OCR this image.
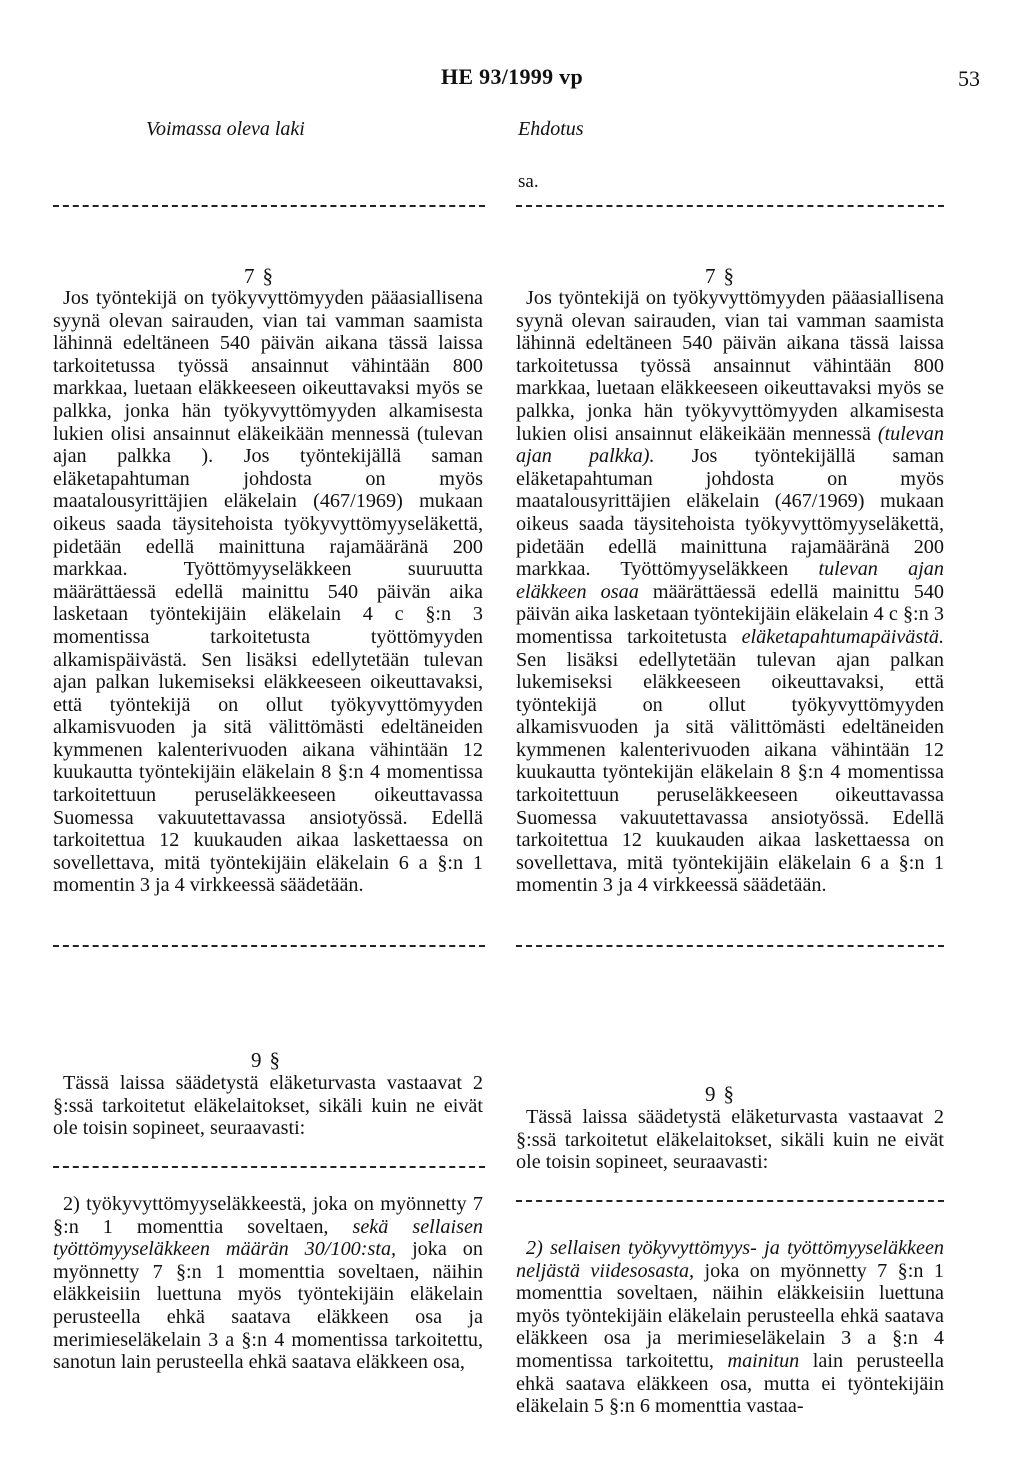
HE 93/1999 vp	53
Voimassa oleva laki	Ehdotus
sa.
7 §	7 §

Jos työntekijä on työkyvyttömyyden pääasiallisena syynä olevan sairauden, vian tai vamman saamista lähinnä edeltäneen 540 päivän aikana tässä laissa tarkoitetussa työssä ansainnut vähintään 800 markkaa, luetaan eläkkeeseen oikeuttavaksi myös se palkka, jonka hän työkyvyttömyyden alkamisesta lukien olisi ansainnut eläkeikään mennessä (tulevan ajan palkka ). Jos työntekijällä saman eläketapahtuman johdosta on myös maatalousyrittäjien eläkelain (467/1969) mukaan oikeus saada täysitehoista työkyvyttömyyseläkettä, pidetään edellä mainittuna rajamääränä 200 markkaa. Työttömyyseläkkeen suuruutta määrättäessä edellä mainittu 540 päivän aika lasketaan työntekijäin eläkelain 4 c §:n 3 momentissa tarkoitetusta työttömyyden alkamispäivästä. Sen lisäksi edellytetään tulevan ajan palkan lukemiseksi eläkkeeseen oikeuttavaksi, että työntekijä on ollut työkyvyttömyyden alkamisvuoden ja sitä välittömästi edeltäneiden kymmenen kalenterivuoden aikana vähintään 12 kuukautta työntekijäin eläkelain 8 §:n 4 momentissa tarkoitettuun peruseläkkeeseen oikeuttavassa Suomessa vakuutettavassa ansiotyössä. Edellä tarkoitettua 12 kuukauden aikaa laskettaessa on sovellettava, mitä työntekijäin eläkelain 6 a §:n 1 momentin 3 ja 4 virkkeessä säädetään.

Jos työntekijä on työkyvyttömyyden pääasiallisena syynä olevan sairauden, vian tai vamman saamista lähinnä edeltäneen 540 päivän aikana tässä laissa tarkoitetussa työssä ansainnut vähintään 800 markkaa, luetaan eläkkeeseen oikeuttavaksi myös se palkka, jonka hän työkyvyttömyyden alkamisesta lukien olisi ansainnut eläkeikään mennessä (tulevan ajan palkka). Jos työntekijällä saman eläketapahtuman johdosta on myös maatalousyrittäjien eläkelain (467/1969) mukaan oikeus saada täysitehoista työkyvyttömyyseläkettä, pidetään edellä mainittuna rajamääränä 200 markkaa. Työttömyyseläkkeen tulevan ajan eläkkeen osaa määrättäessä edellä mainittu 540 päivän aika lasketaan työntekijäin eläkelain 4 c §:n 3 momentissa tarkoitetusta eläketapahtumapäivästä. Sen lisäksi edellytetään tulevan ajan palkan lukemiseksi eläkkeeseen oikeuttavaksi, että työntekijä on ollut työkyvyttömyyden alkamisvuoden ja sitä välittömästi edeltäneiden kymmenen kalenterivuoden aikana vähintään 12 kuukautta työntekijän eläkelain 8 §:n 4 momentissa tarkoitettuun peruseläkkeeseen oikeuttavassa Suomessa vakuutettavassa ansiotyössä. Edellä tarkoitettua 12 kuukauden aikaa laskettaessa on sovellettava, mitä työntekijäin eläkelain 6 a §:n 1 momentin 3 ja 4 virkkeessä säädetään.

9 §
9 §

Tässä laissa säädetystä eläketurvasta vastaavat 2 §:ssä tarkoitetut eläkelaitokset, sikäli kuin ne eivät ole toisin sopineet, seuraavasti:

Tässä laissa säädetystä eläketurvasta vastaavat 2 §:ssä tarkoitetut eläkelaitokset, sikäli kuin ne eivät ole toisin sopineet, seuraavasti:

2) työkyvyttömyyseläkkeestä, joka on myönnetty 7 §:n 1 momenttia soveltaen, sekä sellaisen työttömyyseläkkeen määrän 30/100:sta, joka on myönnetty 7 §:n 1 momenttia soveltaen, näihin eläkkeisiin luettuna myös työntekijäin eläkelain perusteella ehkä saatava eläkkeen osa ja merimieseläkelain 3 a §:n 4 momentissa tarkoitettu, sanotun lain perusteella ehkä saatava eläkkeen osa,

2) sellaisen työkyvyttömyys- ja työttömyyseläkkeen neljästä viidesosasta, joka on myönnetty 7 §:n 1 momenttia soveltaen, näihin eläkkeisiin luettuna myös työntekijäin eläkelain perusteella ehkä saatava eläkkeen osa ja merimieseläkelain 3 a §:n 4 momentissa tarkoitettu, mainitun lain perusteella ehkä saatava eläkkeen osa, mutta ei työntekijäin eläkelain 5 §:n 6 momenttia vastaa-
